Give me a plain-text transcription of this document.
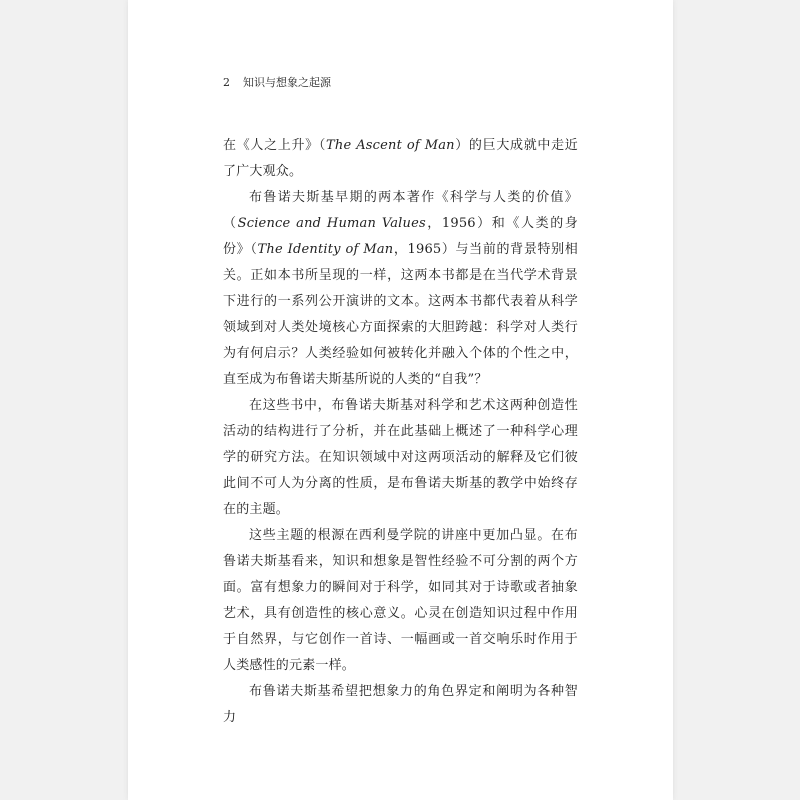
2 知识与想象之起源

在《人之上升》（The Ascent of Man）的巨大成就中走近了广大观众。

布鲁诺夫斯基早期的两本著作《科学与人类的价值》（Science and Human Values，1956）和《人类的身份》（The Identity of Man，1965）与当前的背景特别相关。正如本书所呈现的一样，这两本书都是在当代学术背景下进行的一系列公开演讲的文本。这两本书都代表着从科学领域到对人类处境核心方面探索的大胆跨越：科学对人类行为有何启示？人类经验如何被转化并融入个体的个性之中，直至成为布鲁诺夫斯基所说的人类的“自我”？

在这些书中，布鲁诺夫斯基对科学和艺术这两种创造性活动的结构进行了分析，并在此基础上概述了一种科学心理学的研究方法。在知识领域中对这两项活动的解释及它们彼此间不可人为分离的性质，是布鲁诺夫斯基的教学中始终存在的主题。

这些主题的根源在西利曼学院的讲座中更加凸显。在布鲁诺夫斯基看来，知识和想象是智性经验不可分割的两个方面。富有想象力的瞬间对于科学，如同其对于诗歌或者抽象艺术，具有创造性的核心意义。心灵在创造知识过程中作用于自然界，与它创作一首诗、一幅画或一首交响乐时作用于人类感性的元素一样。

布鲁诺夫斯基希望把想象力的角色界定和阐明为各种智力
